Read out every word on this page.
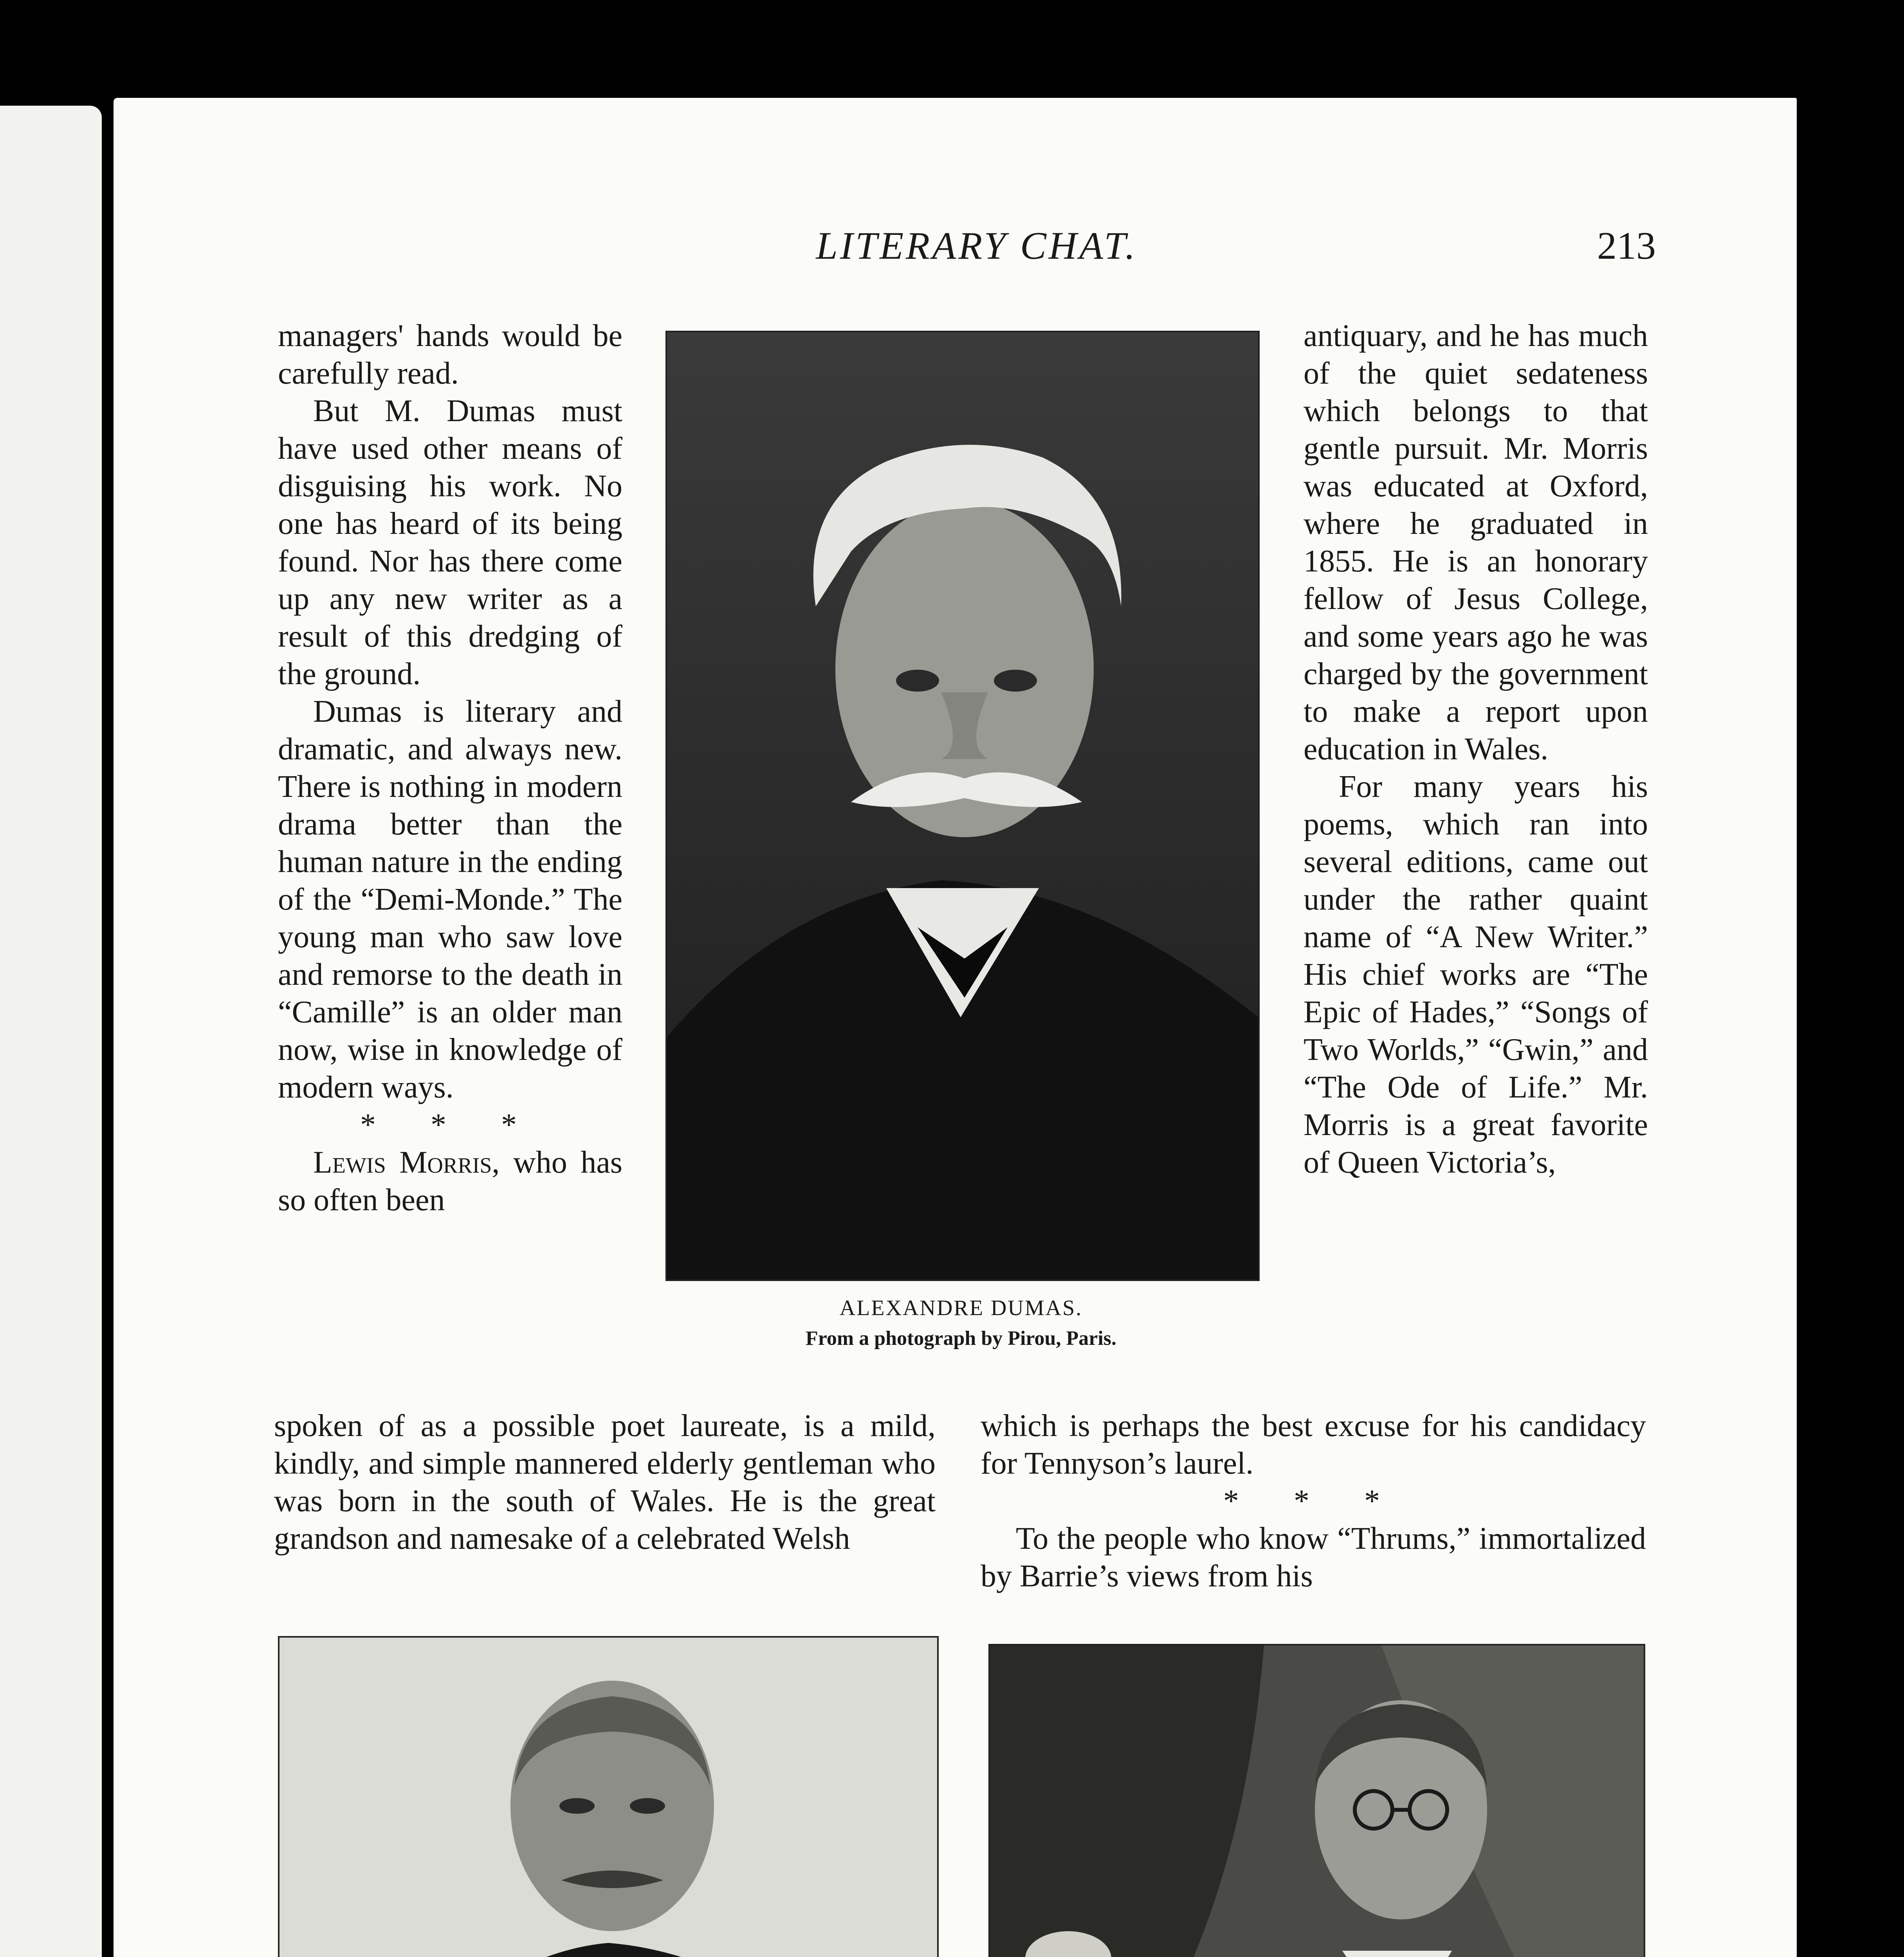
LITERARY CHAT.	213

managers' hands would be carefully read.

But M. Dumas must have used other means of disguising his work. No one has heard of its being found. Nor has there come up any new writer as a result of this dredging of the ground.

Dumas is literary and dramatic, and always new. There is nothing in modern drama better than the human nature in the ending of the “Demi-Monde.” The young man who saw love and remorse to the death in “Camille” is an older man now, wise in knowledge of modern ways.

* * *

Lewis Morris, who has so often been

ALEXANDRE DUMAS.
From a photograph by Pirou, Paris.

antiquary, and he has much of the quiet sedateness which belongs to that gentle pursuit. Mr. Morris was educated at Oxford, where he graduated in 1855. He is an honorary fellow of Jesus College, and some years ago he was charged by the government to make a report upon education in Wales.

For many years his poems, which ran into several editions, came out under the rather quaint name of “A New Writer.” His chief works are “The Epic of Hades,” “Songs of Two Worlds,” “Gwin,” and “The Ode of Life.” Mr. Morris is a great favorite of Queen Victoria’s,

spoken of as a possible poet laureate, is a mild, kindly, and simple mannered elderly gentleman who was born in the south of Wales. He is the great grandson and namesake of a celebrated Welsh

which is perhaps the best excuse for his candidacy for Tennyson’s laurel.

* * *

To the people who know “Thrums,” immortalized by Barrie’s views from his
